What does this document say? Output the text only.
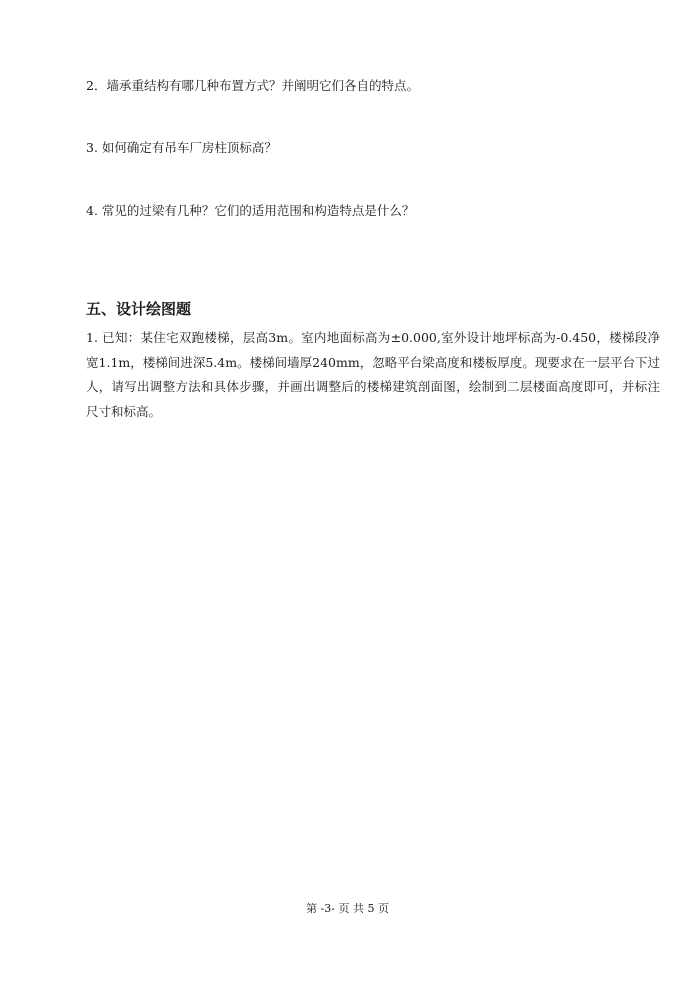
2．墙承重结构有哪几种布置方式？并阐明它们各自的特点。
3. 如何确定有吊车厂房柱顶标高？
4. 常见的过梁有几种？它们的适用范围和构造特点是什么？
五、设计绘图题
1. 已知：某住宅双跑楼梯，层高3m。室内地面标高为±0.000,室外设计地坪标高为-0.450，楼梯段净宽1.1m，楼梯间进深5.4m。楼梯间墙厚240mm，忽略平台梁高度和楼板厚度。现要求在一层平台下过人，请写出调整方法和具体步骤，并画出调整后的楼梯建筑剖面图，绘制到二层楼面高度即可，并标注尺寸和标高。
第 -3- 页 共 5 页
